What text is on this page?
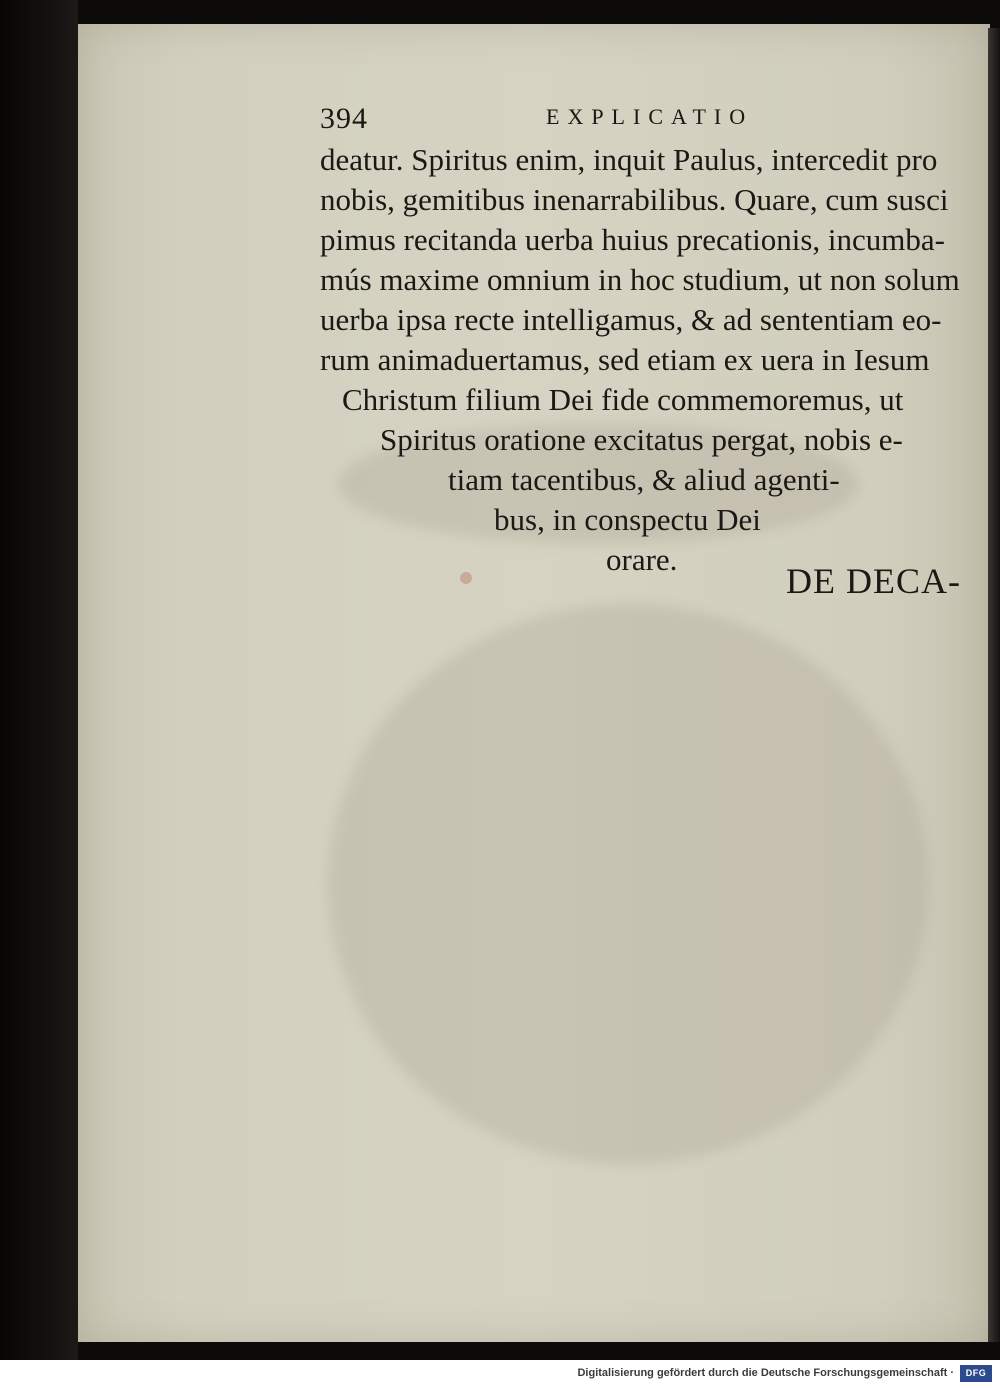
394	EXPLICATIO
deatur. Spiritus enim, inquit Paulus, intercedit pro
nobis, gemitibus inenarrabilibus. Quare, cum susci
pimus recitanda uerba huius precationis, incumba-
mús maxime omnium in hoc studium, ut non solum
uerba ipsa recte intelligamus, & ad sententiam eo-
rum animaduertamus, sed etiam ex uera in Iesum
Christum filium Dei fide commemoremus, ut
Spiritus oratione excitatus pergat, nobis e-
tiam tacentibus, & aliud agenti-
bus, in conspectu Dei
orare.
DE DECA-
Digitalisierung gefördert durch die Deutsche Forschungsgemeinschaft ·	DFG
